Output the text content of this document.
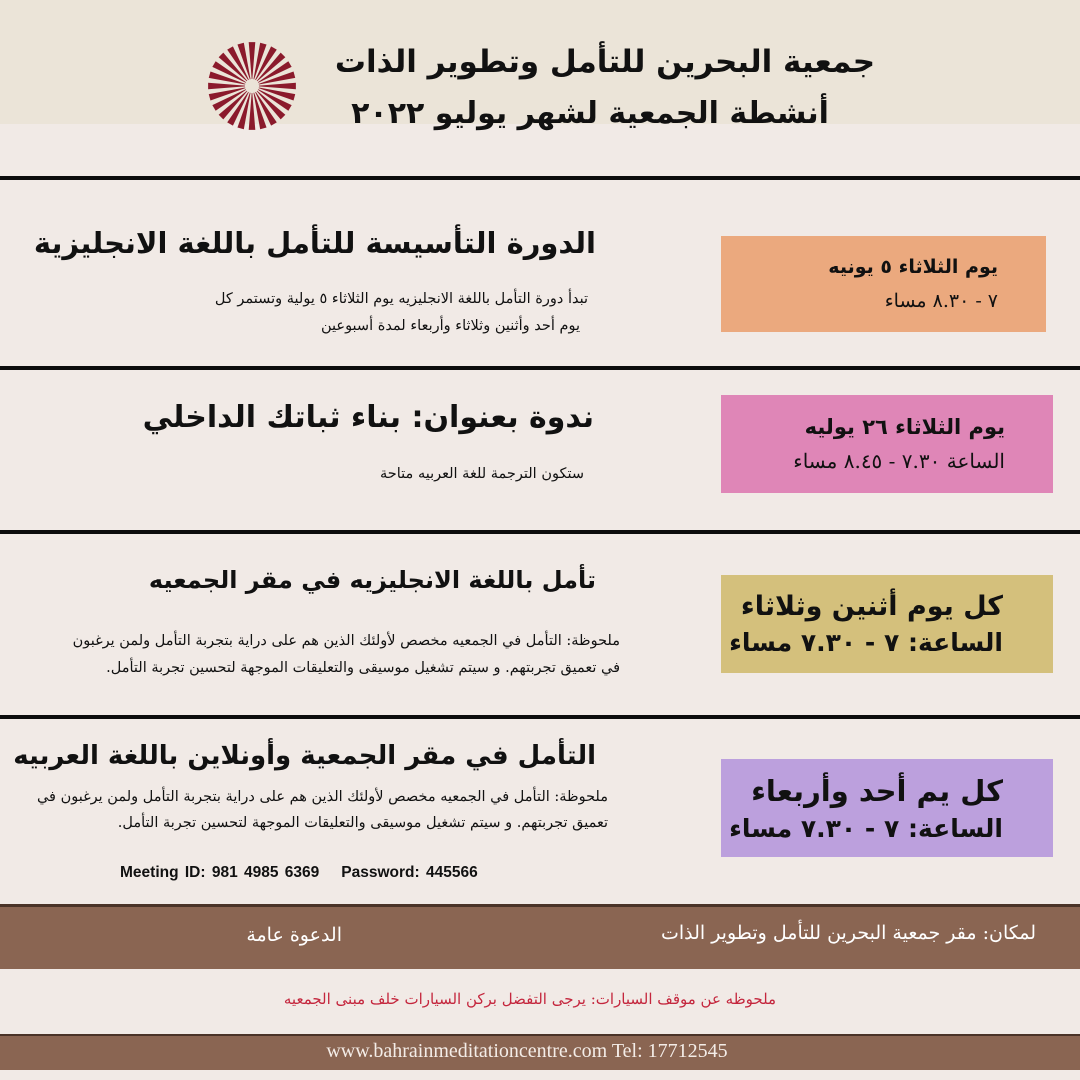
جمعية البحرين للتأمل وتطوير الذات
أنشطة الجمعية لشهر يوليو ٢٠٢٢
الدورة التأسيسة للتأمل باللغة الانجليزية
تبدأ دورة التأمل باللغة الانجليزيه يوم الثلاثاء ٥ يولية وتستمر كل
يوم أحد وأثنين وثلاثاء وأربعاء لمدة أسبوعين
يوم الثلاثاء ٥ يونيه
٧ - ٨.٣٠ مساء
ندوة بعنوان: بناء ثباتك الداخلي
ستكون الترجمة للغة العربيه متاحة
يوم الثلاثاء ٢٦ يوليه
الساعة ٧.٣٠ - ٨.٤٥ مساء
تأمل باللغة الانجليزيه في مقر الجمعيه
ملحوظة: التأمل في الجمعيه مخصص لأولئك الذين هم على دراية بتجربة التأمل ولمن يرغبون
في تعميق تجربتهم. و سيتم تشغيل موسيقى والتعليقات الموجهة لتحسين تجربة التأمل.
كل يوم أثنين وثلاثاء
الساعة: ٧ - ٧.٣٠ مساء
التأمل في مقر الجمعية وأونلاين باللغة العربيه
ملحوظة: التأمل في الجمعيه مخصص لأولئك الذين هم على دراية بتجربة التأمل ولمن يرغبون في
تعميق تجربتهم. و سيتم تشغيل موسيقى والتعليقات الموجهة لتحسين تجربة التأمل.
كل يم أحد وأربعاء
الساعة: ٧ - ٧.٣٠ مساء
Meeting ID: 981 4985 6369 Password: 445566
لمكان: مقر جمعية البحرين للتأمل وتطوير الذات
الدعوة عامة
ملحوظه عن موقف السيارات: يرجى التفضل بركن السيارات خلف مبنى الجمعيه
www.bahrainmeditationcentre.com Tel: 17712545
